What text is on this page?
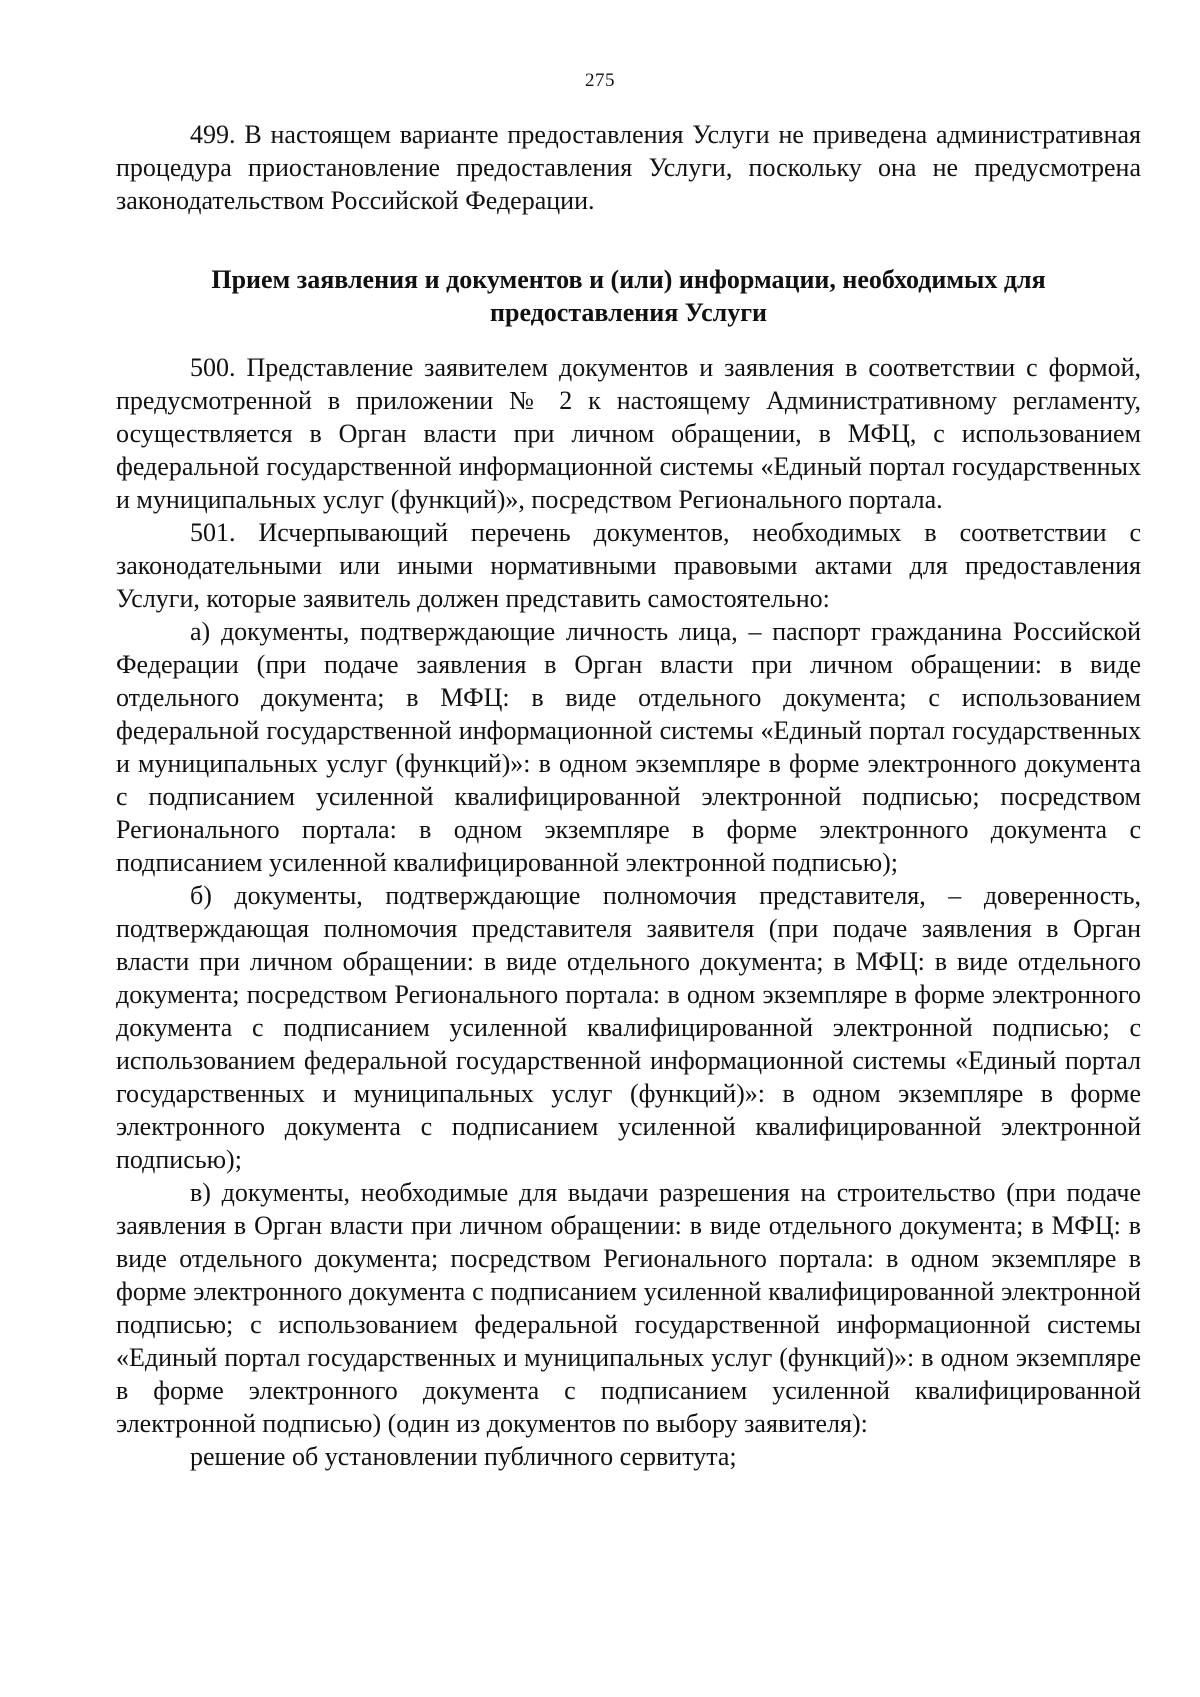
275

499. В настоящем варианте предоставления Услуги не приведена административная процедура приостановление предоставления Услуги, поскольку она не предусмотрена законодательством Российской Федерации.

Прием заявления и документов и (или) информации, необходимых для предоставления Услуги

500. Представление заявителем документов и заявления в соответствии с формой, предусмотренной в приложении № 2 к настоящему Административному регламенту, осуществляется в Орган власти при личном обращении, в МФЦ, с использованием федеральной государственной информационной системы «Единый портал государственных и муниципальных услуг (функций)», посредством Регионального портала.

501. Исчерпывающий перечень документов, необходимых в соответствии с законодательными или иными нормативными правовыми актами для предоставления Услуги, которые заявитель должен представить самостоятельно:

а) документы, подтверждающие личность лица, – паспорт гражданина Российской Федерации (при подаче заявления в Орган власти при личном обращении: в виде отдельного документа; в МФЦ: в виде отдельного документа; с использованием федеральной государственной информационной системы «Единый портал государственных и муниципальных услуг (функций)»: в одном экземпляре в форме электронного документа с подписанием усиленной квалифицированной электронной подписью; посредством Регионального портала: в одном экземпляре в форме электронного документа с подписанием усиленной квалифицированной электронной подписью);

б) документы, подтверждающие полномочия представителя, – доверенность, подтверждающая полномочия представителя заявителя (при подаче заявления в Орган власти при личном обращении: в виде отдельного документа; в МФЦ: в виде отдельного документа; посредством Регионального портала: в одном экземпляре в форме электронного документа с подписанием усиленной квалифицированной электронной подписью; с использованием федеральной государственной информационной системы «Единый портал государственных и муниципальных услуг (функций)»: в одном экземпляре в форме электронного документа с подписанием усиленной квалифицированной электронной подписью);

в) документы, необходимые для выдачи разрешения на строительство (при подаче заявления в Орган власти при личном обращении: в виде отдельного документа; в МФЦ: в виде отдельного документа; посредством Регионального портала: в одном экземпляре в форме электронного документа с подписанием усиленной квалифицированной электронной подписью; с использованием федеральной государственной информационной системы «Единый портал государственных и муниципальных услуг (функций)»: в одном экземпляре в форме электронного документа с подписанием усиленной квалифицированной электронной подписью) (один из документов по выбору заявителя):

решение об установлении публичного сервитута;
